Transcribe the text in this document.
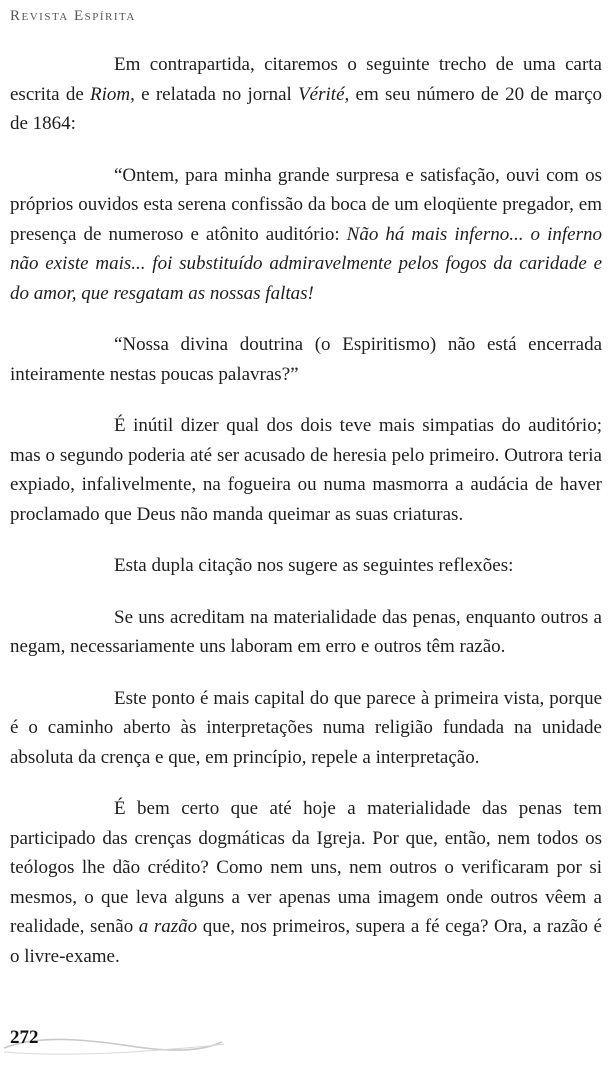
Revista Espírita

Em contrapartida, citaremos o seguinte trecho de uma carta escrita de Riom, e relatada no jornal Vérité, em seu número de 20 de março de 1864:

“Ontem, para minha grande surpresa e satisfação, ouvi com os próprios ouvidos esta serena confissão da boca de um eloqüente pregador, em presença de numeroso e atônito auditório: Não há mais inferno... o inferno não existe mais... foi substituído admiravelmente pelos fogos da caridade e do amor, que resgatam as nossas faltas!

“Nossa divina doutrina (o Espiritismo) não está encerrada inteiramente nestas poucas palavras?”

É inútil dizer qual dos dois teve mais simpatias do auditório; mas o segundo poderia até ser acusado de heresia pelo primeiro. Outrora teria expiado, infalivelmente, na fogueira ou numa masmorra a audácia de haver proclamado que Deus não manda queimar as suas criaturas.

Esta dupla citação nos sugere as seguintes reflexões:

Se uns acreditam na materialidade das penas, enquanto outros a negam, necessariamente uns laboram em erro e outros têm razão.

Este ponto é mais capital do que parece à primeira vista, porque é o caminho aberto às interpretações numa religião fundada na unidade absoluta da crença e que, em princípio, repele a interpretação.

É bem certo que até hoje a materialidade das penas tem participado das crenças dogmáticas da Igreja. Por que, então, nem todos os teólogos lhe dão crédito? Como nem uns, nem outros o verificaram por si mesmos, o que leva alguns a ver apenas uma imagem onde outros vêem a realidade, senão a razão que, nos primeiros, supera a fé cega? Ora, a razão é o livre-exame.

272
